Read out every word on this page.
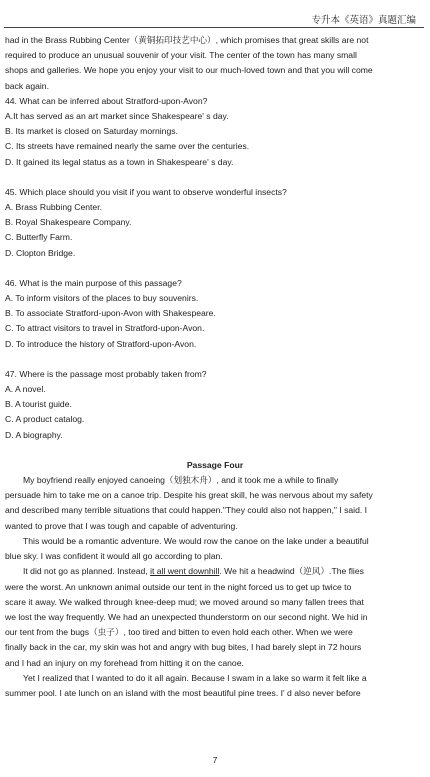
专升本《英语》真题汇编

had in the Brass Rubbing Center（黄铜拓印技艺中心）, which promises that great skills are not

required to produce an unusual souvenir of your visit. The center of the town has many small

shops and galleries. We hope you enjoy your visit to our much-loved town and that you will come

back again.

44. What can be inferred about Stratford-upon-Avon?

A.It has served as an art market since Shakespeare' s day.

B. Its market is closed on Saturday mornings.

C. Its streets have remained nearly the same over the centuries.

D. It gained its legal status as a town in Shakespeare' s day.

45. Which place should you visit if you want to observe wonderful insects?

A. Brass Rubbing Center.

B. Royal Shakespeare Company.

C. Butterfly Farm.

D. Clopton Bridge.

46. What is the main purpose of this passage?

A. To inform visitors of the places to buy souvenirs.

B. To associate Stratford-upon-Avon with Shakespeare.

C. To attract visitors to travel in Stratford-upon-Avon.

D. To introduce the history of Stratford-upon-Avon.

47. Where is the passage most probably taken from?

A. A novel.

B. A tourist guide.

C. A product catalog.

D. A biography.

Passage Four

My boyfriend really enjoyed canoeing（划独木舟）, and it took me a while to finally

persuade him to take me on a canoe trip. Despite his great skill, he was nervous about my safety

and described many terrible situations that could happen."They could also not happen," I said. I

wanted to prove that I was tough and capable of adventuring.

This would be a romantic adventure. We would row the canoe on the lake under a beautiful

blue sky. I was confident it would all go according to plan.

It did not go as planned. Instead, it all went downhill. We hit a headwind（逆风）.The flies

were the worst. An unknown animal outside our tent in the night forced us to get up twice to

scare it away. We walked through knee-deep mud; we moved around so many fallen trees that

we lost the way frequently. We had an unexpected thunderstorm on our second night. We hid in

our tent from the bugs（虫子）, too tired and bitten to even hold each other. When we were

finally back in the car, my skin was hot and angry with bug bites, I had barely slept in 72 hours

and I had an injury on my forehead from hitting it on the canoe.

Yet I realized that I wanted to do it all again. Because I swam in a lake so warm it felt like a

summer pool. I ate lunch on an island with the most beautiful pine trees. I' d also never before

7
